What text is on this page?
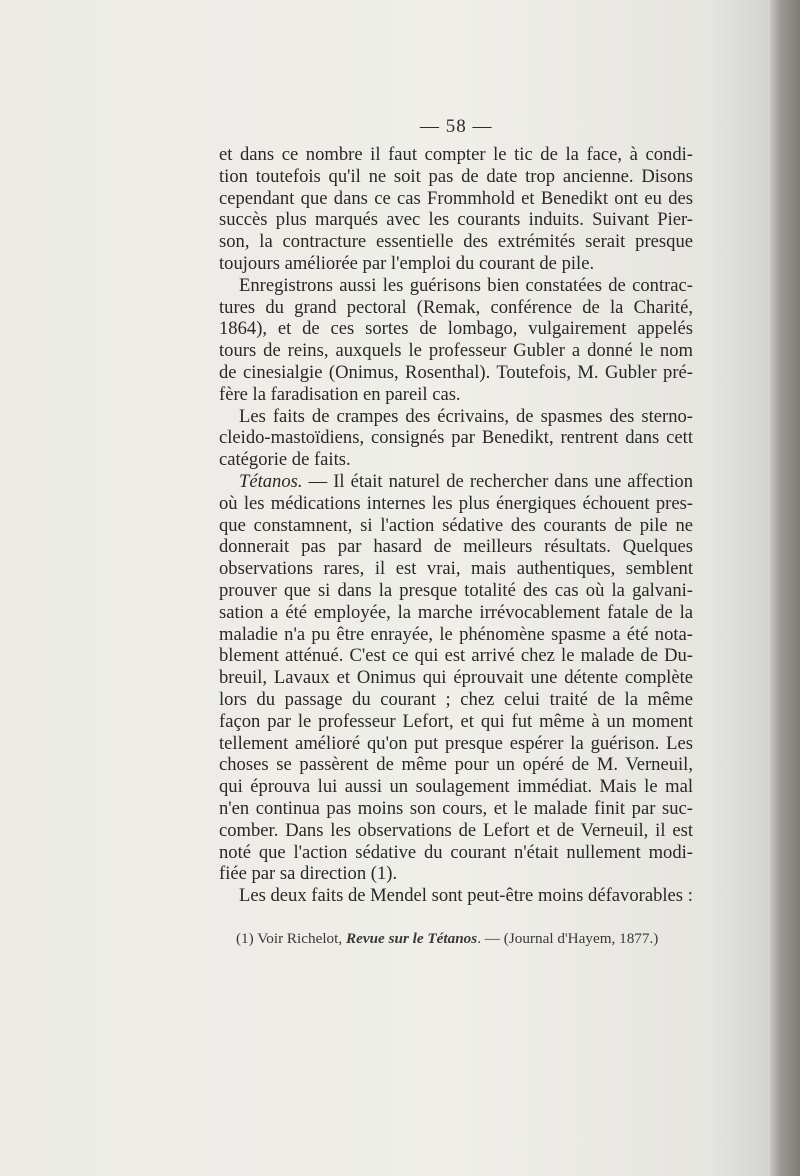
— 58 —
et dans ce nombre il faut compter le tic de la face, à condi-
tion toutefois qu'il ne soit pas de date trop ancienne. Disons
cependant que dans ce cas Frommhold et Benedikt ont eu des
succès plus marqués avec les courants induits. Suivant Pier-
son, la contracture essentielle des extrémités serait presque
toujours améliorée par l'emploi du courant de pile.
Enregistrons aussi les guérisons bien constatées de contrac-
tures du grand pectoral (Remak, conférence de la Charité,
1864), et de ces sortes de lombago, vulgairement appelés
tours de reins, auxquels le professeur Gubler a donné le nom
de cinesialgie (Onimus, Rosenthal). Toutefois, M. Gubler pré-
fère la faradisation en pareil cas.
Les faits de crampes des écrivains, de spasmes des sterno-
cleido-mastoïdiens, consignés par Benedikt, rentrent dans cett
catégorie de faits.
Tétanos. — Il était naturel de rechercher dans une affection
où les médications internes les plus énergiques échouent pres-
que constamnent, si l'action sédative des courants de pile ne
donnerait pas par hasard de meilleurs résultats. Quelques
observations rares, il est vrai, mais authentiques, semblent
prouver que si dans la presque totalité des cas où la galvani-
sation a été employée, la marche irrévocablement fatale de la
maladie n'a pu être enrayée, le phénomène spasme a été nota-
blement atténué. C'est ce qui est arrivé chez le malade de Du-
breuil, Lavaux et Onimus qui éprouvait une détente complète
lors du passage du courant ; chez celui traité de la même
façon par le professeur Lefort, et qui fut même à un moment
tellement amélioré qu'on put presque espérer la guérison. Les
choses se passèrent de même pour un opéré de M. Verneuil,
qui éprouva lui aussi un soulagement immédiat. Mais le mal
n'en continua pas moins son cours, et le malade finit par suc-
comber. Dans les observations de Lefort et de Verneuil, il est
noté que l'action sédative du courant n'était nullement modi-
fiée par sa direction (1).
Les deux faits de Mendel sont peut-être moins défavorables :
(1) Voir Richelot, Revue sur le Tétanos. — (Journal d'Hayem, 1877.)
